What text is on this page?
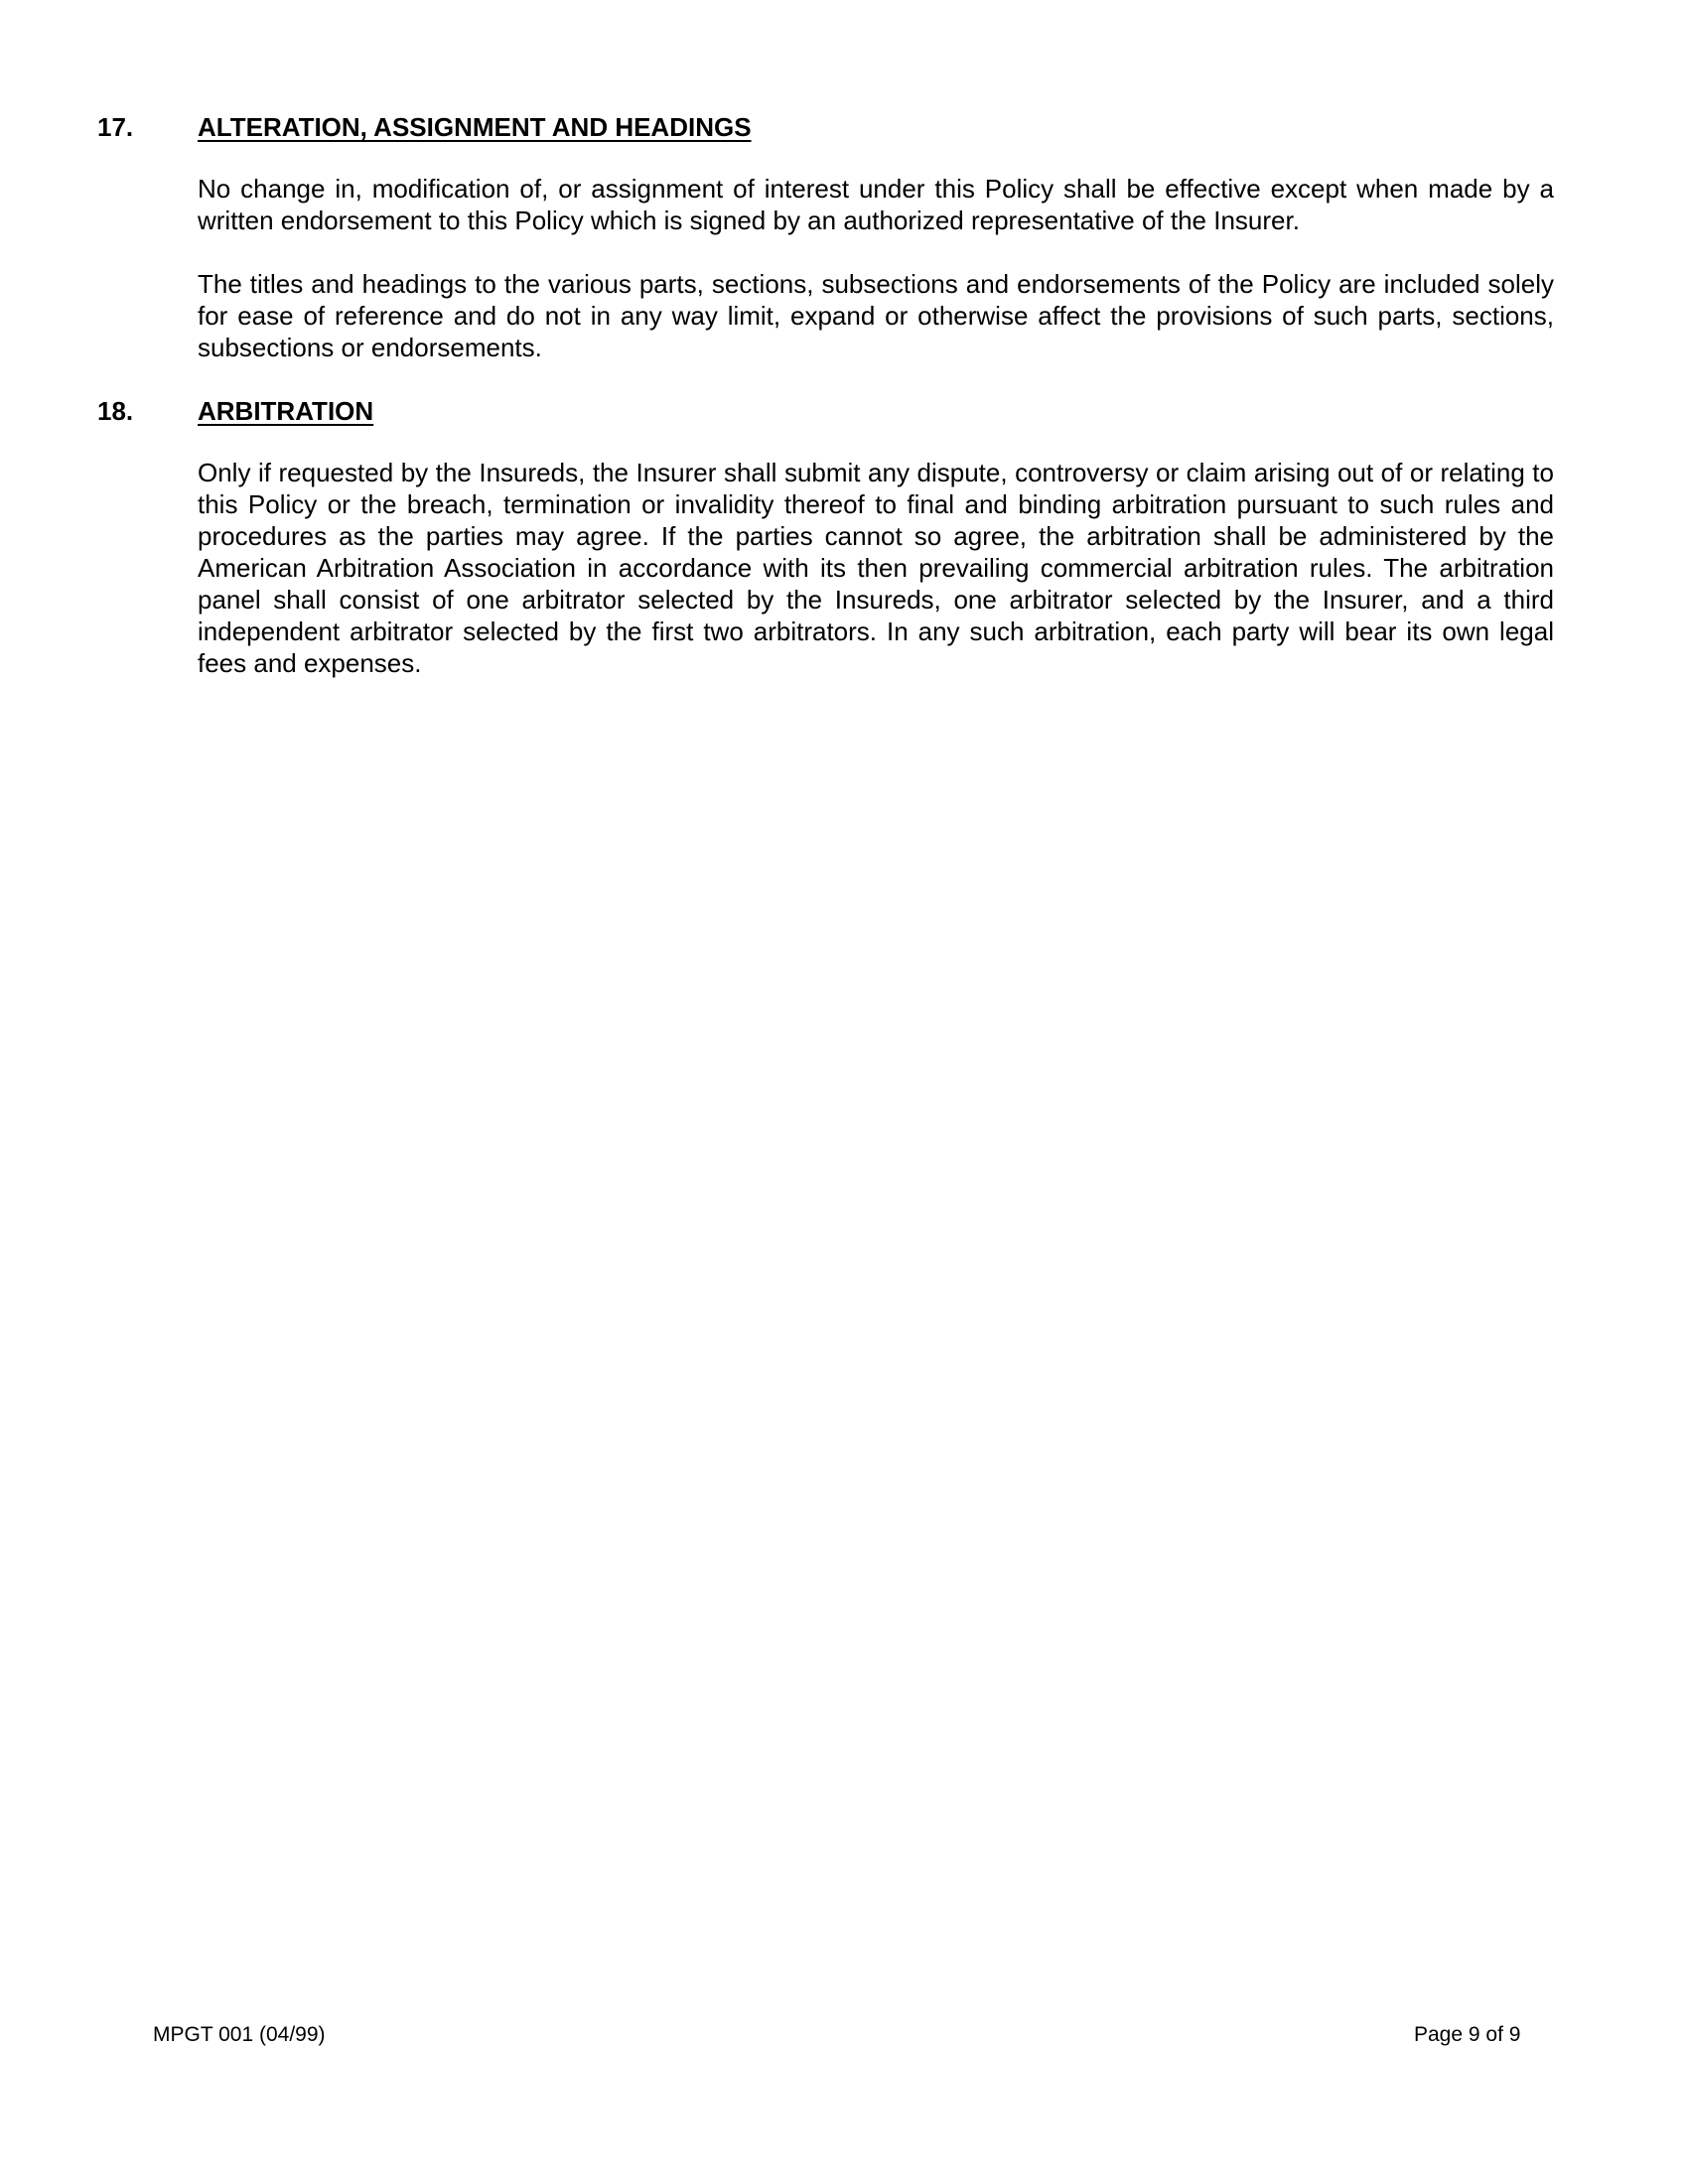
17. ALTERATION, ASSIGNMENT AND HEADINGS

No change in, modification of, or assignment of interest under this Policy shall be effective except when made by a written endorsement to this Policy which is signed by an authorized representative of the Insurer.

The titles and headings to the various parts, sections, subsections and endorsements of the Policy are included solely for ease of reference and do not in any way limit, expand or otherwise affect the provisions of such parts, sections, subsections or endorsements.

18. ARBITRATION

Only if requested by the Insureds, the Insurer shall submit any dispute, controversy or claim arising out of or relating to this Policy or the breach, termination or invalidity thereof to final and binding arbitration pursuant to such rules and procedures as the parties may agree. If the parties cannot so agree, the arbitration shall be administered by the American Arbitration Association in accordance with its then prevailing commercial arbitration rules. The arbitration panel shall consist of one arbitrator selected by the Insureds, one arbitrator selected by the Insurer, and a third independent arbitrator selected by the first two arbitrators. In any such arbitration, each party will bear its own legal fees and expenses.

MPGT 001 (04/99)	Page 9 of 9
